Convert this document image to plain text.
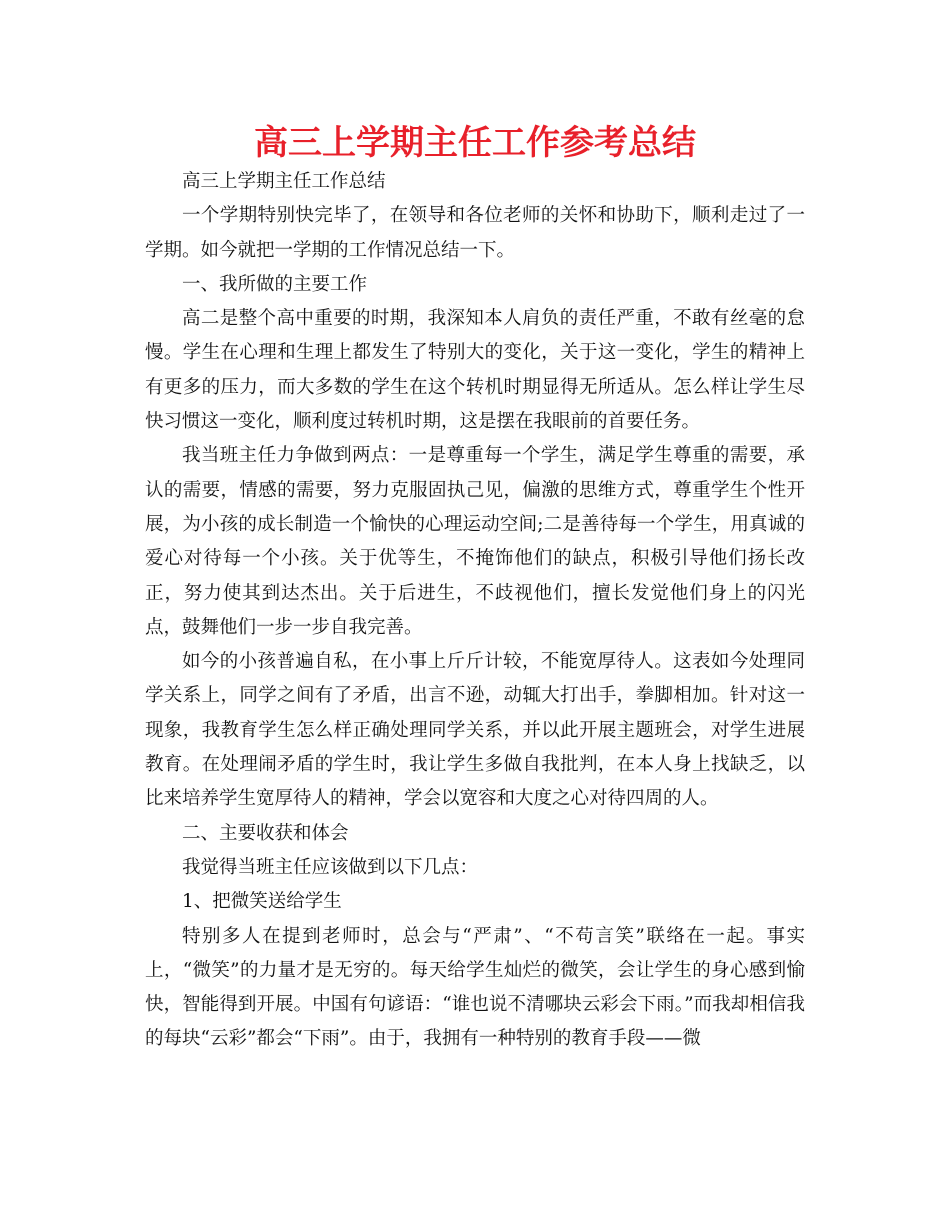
高三上学期主任工作参考总结

高三上学期主任工作总结

一个学期特别快完毕了，在领导和各位老师的关怀和协助下，顺利走过了一学期。如今就把一学期的工作情况总结一下。

一、我所做的主要工作

高二是整个高中重要的时期，我深知本人肩负的责任严重，不敢有丝毫的怠慢。学生在心理和生理上都发生了特别大的变化，关于这一变化，学生的精神上有更多的压力，而大多数的学生在这个转机时期显得无所适从。怎么样让学生尽快习惯这一变化，顺利度过转机时期，这是摆在我眼前的首要任务。

我当班主任力争做到两点：一是尊重每一个学生，满足学生尊重的需要，承认的需要，情感的需要，努力克服固执己见，偏激的思维方式，尊重学生个性开展，为小孩的成长制造一个愉快的心理运动空间;二是善待每一个学生，用真诚的爱心对待每一个小孩。关于优等生，不掩饰他们的缺点，积极引导他们扬长改正，努力使其到达杰出。关于后进生，不歧视他们，擅长发觉他们身上的闪光点，鼓舞他们一步一步自我完善。

如今的小孩普遍自私，在小事上斤斤计较，不能宽厚待人。这表如今处理同学关系上，同学之间有了矛盾，出言不逊，动辄大打出手，拳脚相加。针对这一现象，我教育学生怎么样正确处理同学关系，并以此开展主题班会，对学生进展教育。在处理闹矛盾的学生时，我让学生多做自我批判，在本人身上找缺乏，以比来培养学生宽厚待人的精神，学会以宽容和大度之心对待四周的人。

二、主要收获和体会

我觉得当班主任应该做到以下几点：

1、把微笑送给学生

特别多人在提到老师时，总会与“严肃”、“不苟言笑”联络在一起。事实上，“微笑”的力量才是无穷的。每天给学生灿烂的微笑，会让学生的身心感到愉快，智能得到开展。中国有句谚语：“谁也说不清哪块云彩会下雨。”而我却相信我的每块“云彩”都会“下雨”。由于，我拥有一种特别的教育手段——微
